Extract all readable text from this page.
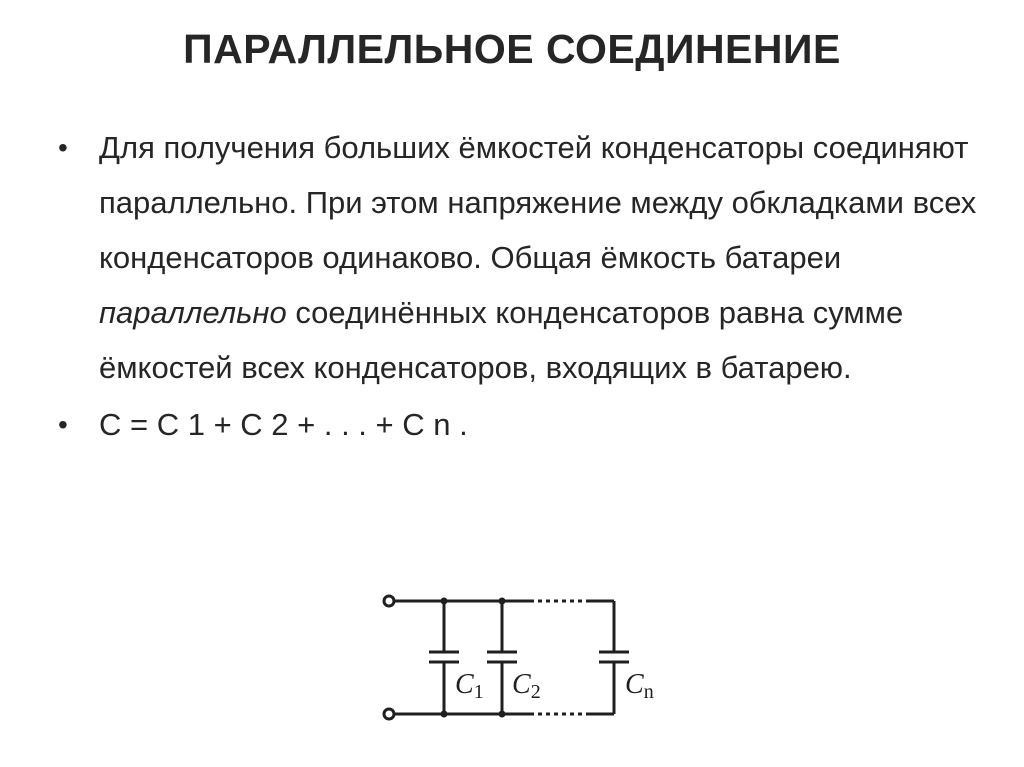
ПАРАЛЛЕЛЬНОЕ СОЕДИНЕНИЕ
• Для получения больших ёмкостей конденсаторы соединяют параллельно. При этом напряжение между обкладками всех конденсаторов одинаково. Общая ёмкость батареи параллельно соединённых конденсаторов равна сумме ёмкостей всех конденсаторов, входящих в батарею.
• C = C 1 + C 2 + . . . + C n .
C1 C2	Cn
